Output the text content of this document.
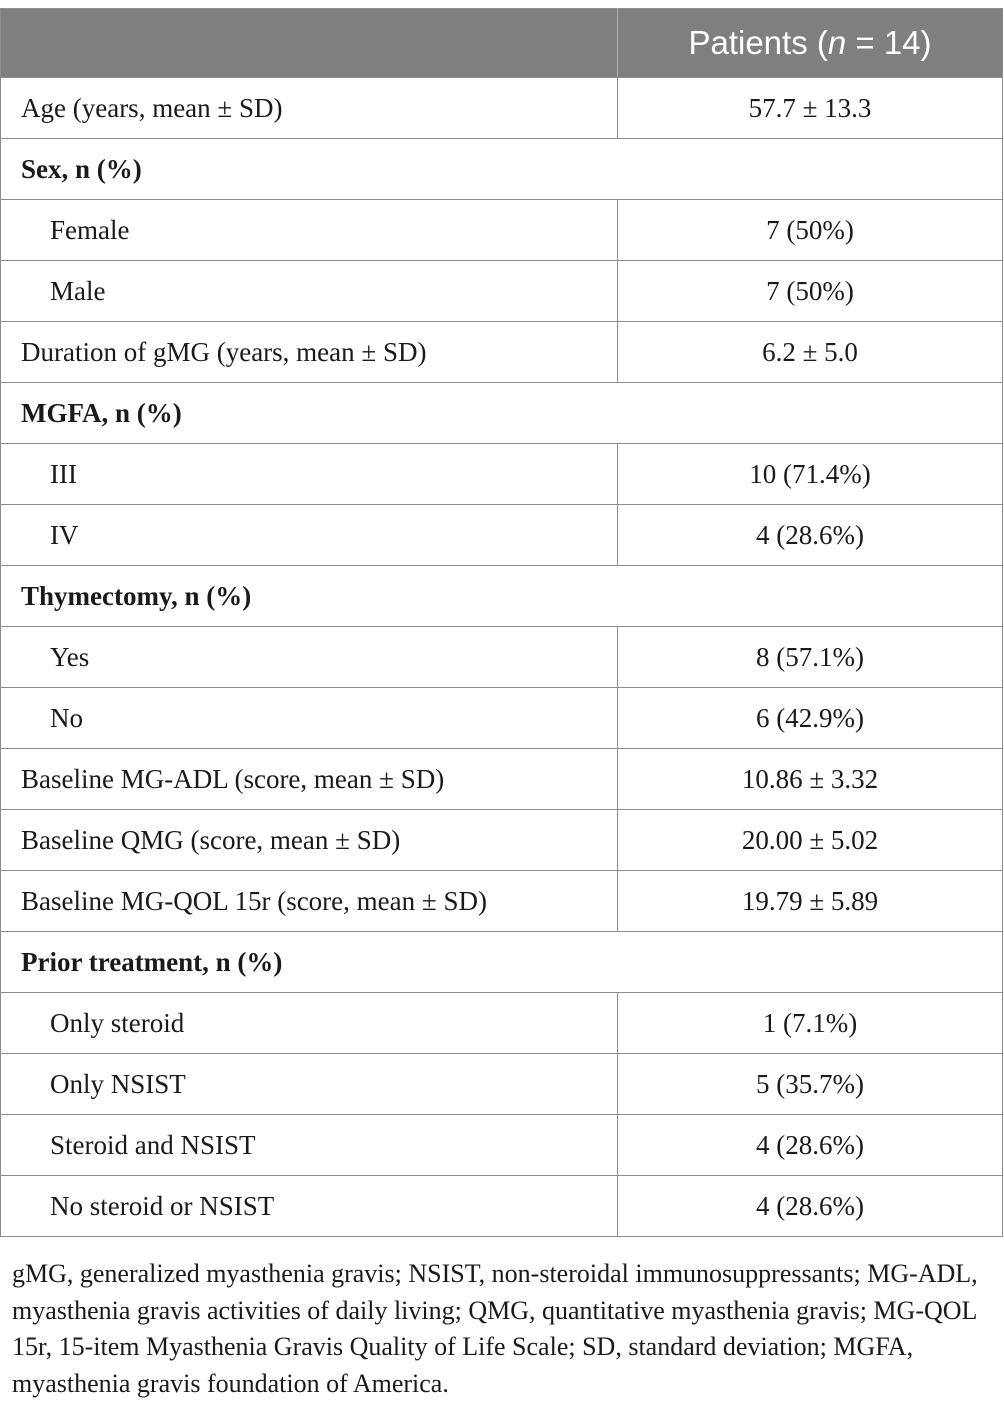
	Patients (n = 14)
Age (years, mean ± SD)	57.7 ± 13.3
Sex, n (%)	
Female	7 (50%)
Male	7 (50%)
Duration of gMG (years, mean ± SD)	6.2 ± 5.0
MGFA, n (%)	
III	10 (71.4%)
IV	4 (28.6%)
Thymectomy, n (%)	
Yes	8 (57.1%)
No	6 (42.9%)
Baseline MG-ADL (score, mean ± SD)	10.86 ± 3.32
Baseline QMG (score, mean ± SD)	20.00 ± 5.02
Baseline MG-QOL 15r (score, mean ± SD)	19.79 ± 5.89
Prior treatment, n (%)	
Only steroid	1 (7.1%)
Only NSIST	5 (35.7%)
Steroid and NSIST	4 (28.6%)
No steroid or NSIST	4 (28.6%)
gMG, generalized myasthenia gravis; NSIST, non-steroidal immunosuppressants; MG-ADL, myasthenia gravis activities of daily living; QMG, quantitative myasthenia gravis; MG-QOL 15r, 15-item Myasthenia Gravis Quality of Life Scale; SD, standard deviation; MGFA, myasthenia gravis foundation of America.
